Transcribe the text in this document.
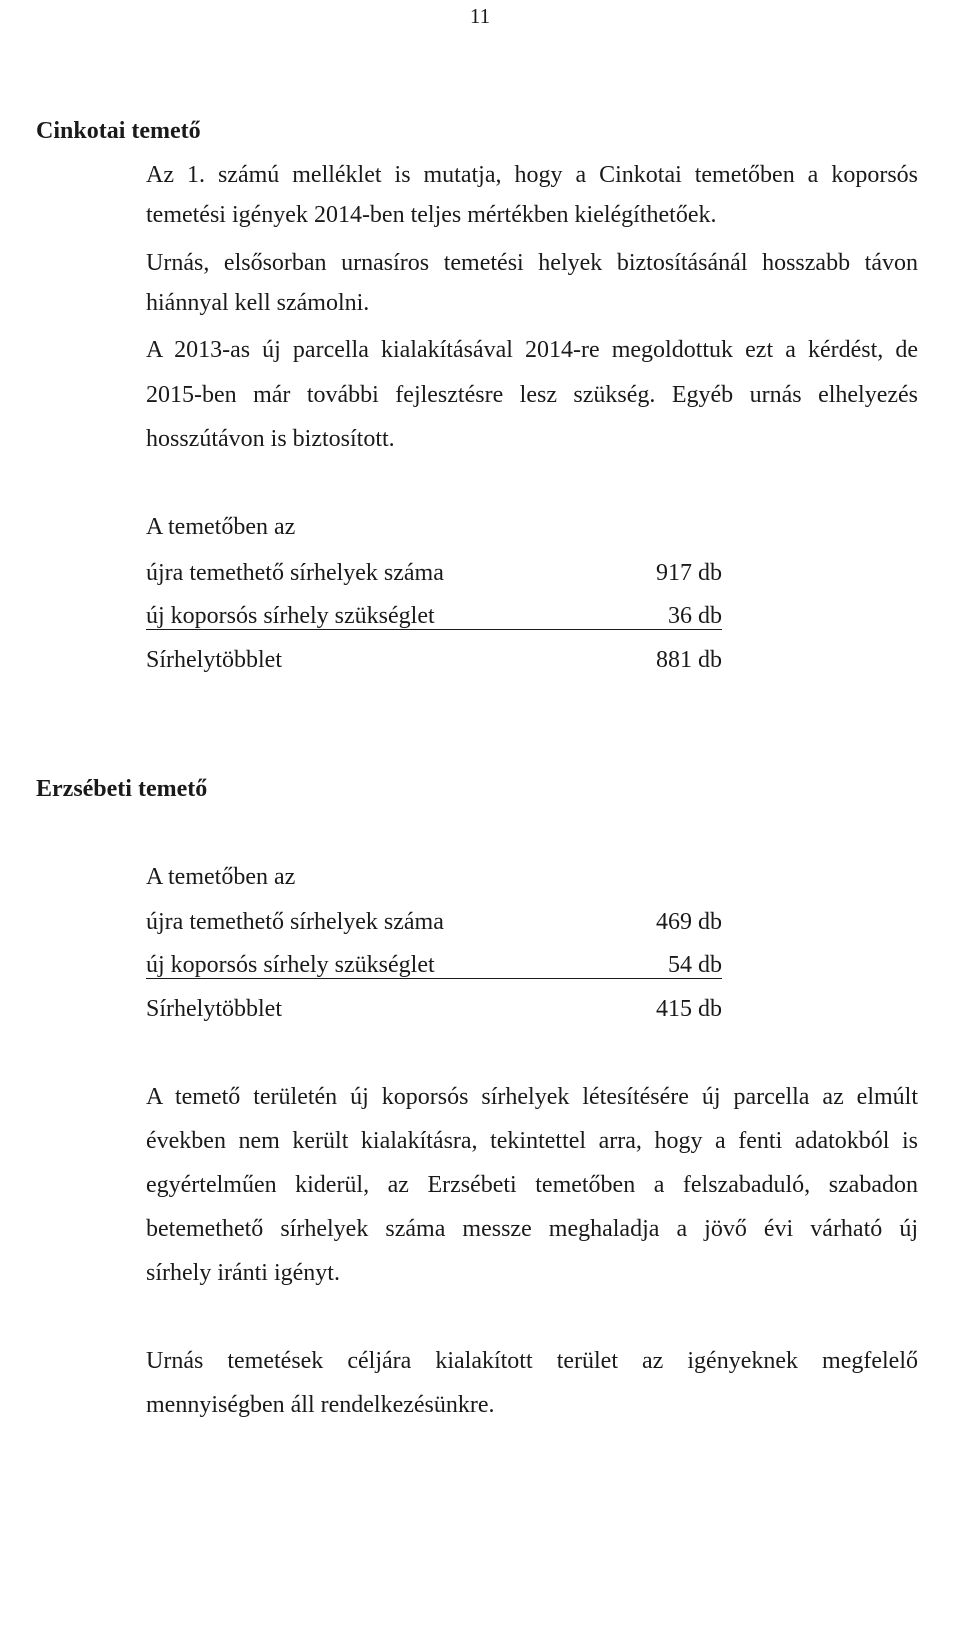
11
Cinkotai temető
Az 1. számú melléklet is mutatja, hogy a Cinkotai temetőben a koporsós
temetési igények 2014-ben teljes mértékben kielégíthetőek.
Urnás, elsősorban urnasíros temetési helyek biztosításánál hosszabb távon
hiánnyal kell számolni.
A 2013-as új parcella kialakításával 2014-re megoldottuk ezt a kérdést, de
2015-ben már további fejlesztésre lesz szükség. Egyéb urnás elhelyezés
hosszútávon is biztosított.
A temetőben az
újra temethető sírhelyek száma	917 db
új koporsós sírhely szükséglet	36 db
Sírhelytöbblet	881 db
Erzsébeti temető
A temetőben az
újra temethető sírhelyek száma	469 db
új koporsós sírhely szükséglet	54 db
Sírhelytöbblet	415 db
A temető területén új koporsós sírhelyek létesítésére új parcella az elmúlt
években nem került kialakításra, tekintettel arra, hogy a fenti adatokból is
egyértelműen kiderül, az Erzsébeti temetőben a felszabaduló, szabadon
betemethető sírhelyek száma messze meghaladja a jövő évi várható új
sírhely iránti igényt.
Urnás temetések céljára kialakított terület az igényeknek megfelelő
mennyiségben áll rendelkezésünkre.
